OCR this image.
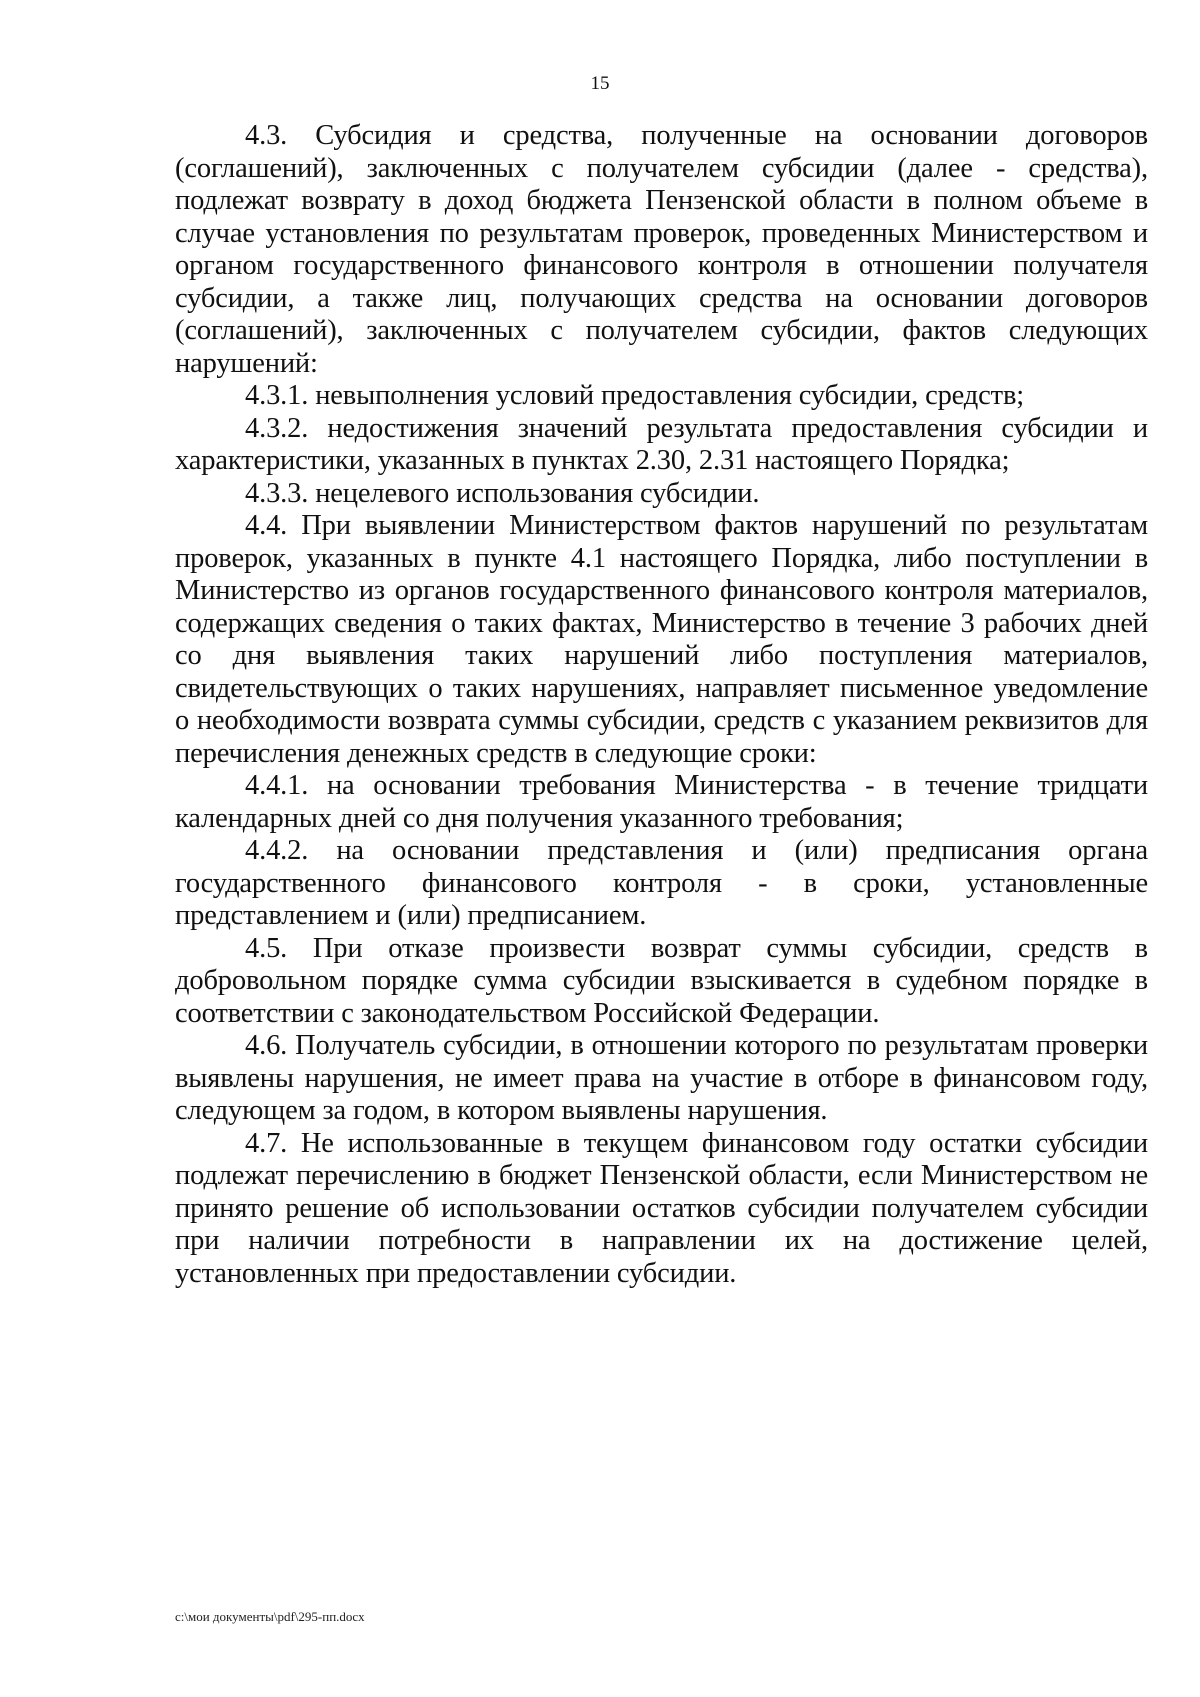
15

4.3. Субсидия и средства, полученные на основании договоров (соглашений), заключенных с получателем субсидии (далее - средства), подлежат возврату в доход бюджета Пензенской области в полном объеме в случае установления по результатам проверок, проведенных Министерством и органом государственного финансового контроля в отношении получателя субсидии, а также лиц, получающих средства на основании договоров (соглашений), заключенных с получателем субсидии, фактов следующих нарушений:

4.3.1. невыполнения условий предоставления субсидии, средств;

4.3.2. недостижения значений результата предоставления субсидии и характеристики, указанных в пунктах 2.30, 2.31 настоящего Порядка;

4.3.3. нецелевого использования субсидии.

4.4. При выявлении Министерством фактов нарушений по результатам проверок, указанных в пункте 4.1 настоящего Порядка, либо поступлении в Министерство из органов государственного финансового контроля материалов, содержащих сведения о таких фактах, Министерство в течение 3 рабочих дней со дня выявления таких нарушений либо поступления материалов, свидетельствующих о таких нарушениях, направляет письменное уведомление о необходимости возврата суммы субсидии, средств с указанием реквизитов для перечисления денежных средств в следующие сроки:

4.4.1. на основании требования Министерства - в течение тридцати календарных дней со дня получения указанного требования;

4.4.2. на основании представления и (или) предписания органа государственного финансового контроля - в сроки, установленные представлением и (или) предписанием.

4.5. При отказе произвести возврат суммы субсидии, средств в добровольном порядке сумма субсидии взыскивается в судебном порядке в соответствии с законодательством Российской Федерации.

4.6. Получатель субсидии, в отношении которого по результатам проверки выявлены нарушения, не имеет права на участие в отборе в финансовом году, следующем за годом, в котором выявлены нарушения.

4.7. Не использованные в текущем финансовом году остатки субсидии подлежат перечислению в бюджет Пензенской области, если Министерством не принято решение об использовании остатков субсидии получателем субсидии при наличии потребности в направлении их на достижение целей, установленных при предоставлении субсидии.

c:\мои документы\pdf\295-пп.docx
